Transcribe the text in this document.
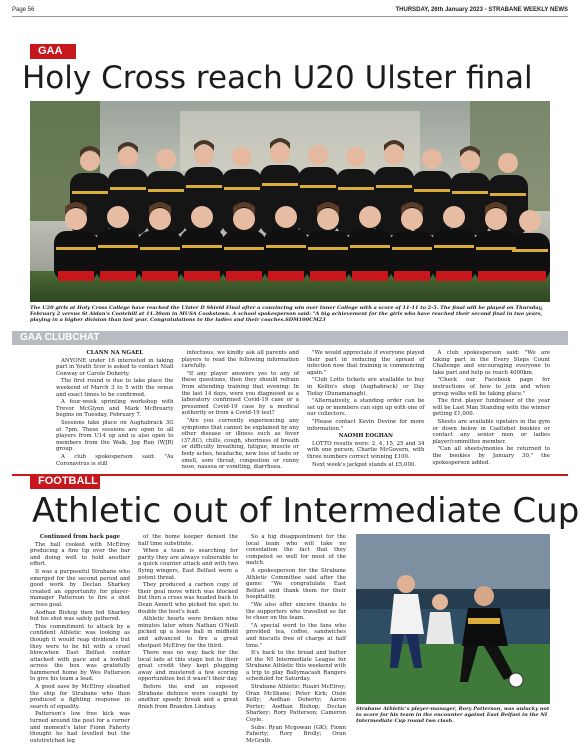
Page 56	THURSDAY, 26th January 2023 - STRABANE WEEKLY NEWS
GAA
Holy Cross reach U20 Ulster final
The U20 girls at Holy Cross College have reached the Ulster D Shield Final after a convincing win over Inner College with a score of 11-11 to 2-5. The final will be played on Thursday, February 2 versus St Aidan's Cootehill at 11.30am in MUSA Cookstown. A school spokesperson said: "A big achievement for the girls who have reached their second final in two years, playing in a higher division than last year. Congratulations to the ladies and their coaches.SDM100CM23
GAA CLUBCHAT

CLANN NA NGAEL

ANYONE under 16 interested in taking part in Youth Scor is asked to contact Niall Conway or Carole Doherty.

The first round is due to take place the weekend of March 3 to 5 with the venue and exact times to be confirmed.

A four-week sprinting workshop with Trevor McGlynn and Mark McBrearty begins on Tuesday, February 7.

Sessions take place on Aughabrack 3G at 7pm. These sessions are open to all players from U14 up and is also open to members from the Walk, Jog Run (WJR) group.

A club spokesperson said: "As Coronavirus is still

infectious, we kindly ask all parents and players to read the following information carefully.

"If any player answers yes to any of these questions, then they should refrain from attending training that evening: In the last 14 days, were you diagnosed as a laboratory confirmed Covid-19 case or a presumed Covid-19 case by a medical authority or from a Covid-19 test?

"Are you currently experiencing any symptoms that cannot be explained by any other disease or illness such as fever (37.8C), chills, cough, shortness of breath or difficulty breathing, fatigue, muscle or body aches, headache, new loss of taste or smell, sore throat, congestion or runny nose, nausea or vomiting, diarrhoea.

"We would appreciate if everyone played their part in reducing the spread of infection now that training is commencing again."

"Club Lotto tickets are available to buy in Keilin's shop (Aughabrack) or Day Today (Dunamanagh).

"Alternatively, a standing order can be set up or members can sign up with one of our collectors.

"Please contact Kevin Devine for more information."

NAOMH EOGHAN

LOTTO results were: 2, 4, 15, 25 and 34 with one person, Charlie McGovern, with three numbers correct winning £100.

Next week's jackpot stands at £5,000.

A club spokesperson said: "We are taking part in the Every Steps Count Challenge and encouraging everyone to take part and help us reach 4000km.

"Check our Facebook page for instructions of how to join and when group walks will be taking place."

The first player fundraiser of the year will be Last Man Standing with the winner getting £1,000.

Sheets are available upstairs in the gym or down below in Castlebet bookies or contact any senior men or ladies player/committee member.

"Can all sheets/monies be returned to the bookies by January 30," the spokesperson added.

FOOTBALL
Athletic out of Intermediate Cup

Continued from back page

The ball cooked with McElroy producing a fine tip over the bar and doing well to hold another effort.

It was a purposeful Strabane who emerged for the second period and good work by Declan Sharkey created an opportunity for player-manager Patterson to fire a shot across goal.

Aodhan Bishop then fed Sharkey but his shot was safely gathered.

This commitment to attack by a confident Athletic was looking as though it would reap dividends but they were to be hit with a cruel blow,when East Belfast center attacked with pace and a lowball across the box was gratefully hammered home by Wes Patterson to give his team a lead.

A good save by McElroy steadied the ship for Strabane who then produced a fighting response in search of equality.

Patterson's low free kick was turned around the post for a corner and moment's later Fionn Faherty thought he had levelled but the outstretched leg

of the home keeper denied the half time substitute.

When a team is searching for parity they are always vulnerable to a quick counter attack and with two flying wingers, East Belfast were a potent threat.

They produced a carbon copy of their goal move which was blocked but then a cross was headed back to Dean Annett who picked his spot to double the host's lead.

Athletic hearts were broken nine minutes later when Nathan O'Neill picked up a loose ball in midfield and advanced to fire a great shotpast McElroy for the third.

There was no way back for the local lads at this stage but to their great credit they kept plugging away and mustered a few scoring opportunities but it wasn't their day.

Before the end an exposed Strabane defence were caught by another speedy break and a great finish from Brandon Lindsay.

So a big disappointment for the local team who will take no consolation the fact that they competed so well for most of the match.

A spokesperson for the Strabane Athletic Committee said after the game: "We congratulate East Belfast and thank them for their hospitality.

"We also offer sincere thanks to the supporters who travelled so far to cheer on the team.

"A special word to the fans who provided tea, coffee, sandwiches and biscuits free of charge at half time."

It's back to the bread and butter of the NI Intermediate League for Strabane Athletic this weekend with a trip to play Ballymacash Rangers scheduled for Saturday.

Strabane Athletic: Ruairi McElroy; Oran McShane; Peter Kirk; Oisin Kelly; Aodhan Doherty; Aaron Porter; Aodhan Bishop; Declan Sharkey; Rory Patterson; Cameron Coyle.

Subs: Ryan Mcgowan (GK); Fionn Faherty; Rory Brolly; Oran McGrath.

Strabane Athletic's player-manager, Rory Patterson, was unlucky not to score for his team in the encounter against East Belfast in the NI Intermediate Cup round two clash.
